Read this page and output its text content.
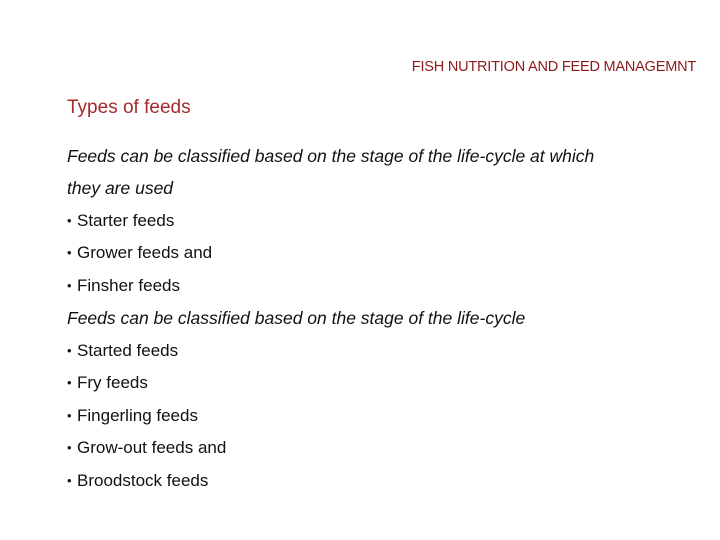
FISH NUTRITION AND FEED MANAGEMNT
Types of feeds
Feeds can be classified based on the stage of the life-cycle at which
they are used
• Starter feeds
• Grower feeds and
• Finsher feeds
Feeds can be classified based on the stage of the life-cycle
• Started feeds
• Fry feeds
• Fingerling feeds
• Grow-out feeds and
• Broodstock feeds
